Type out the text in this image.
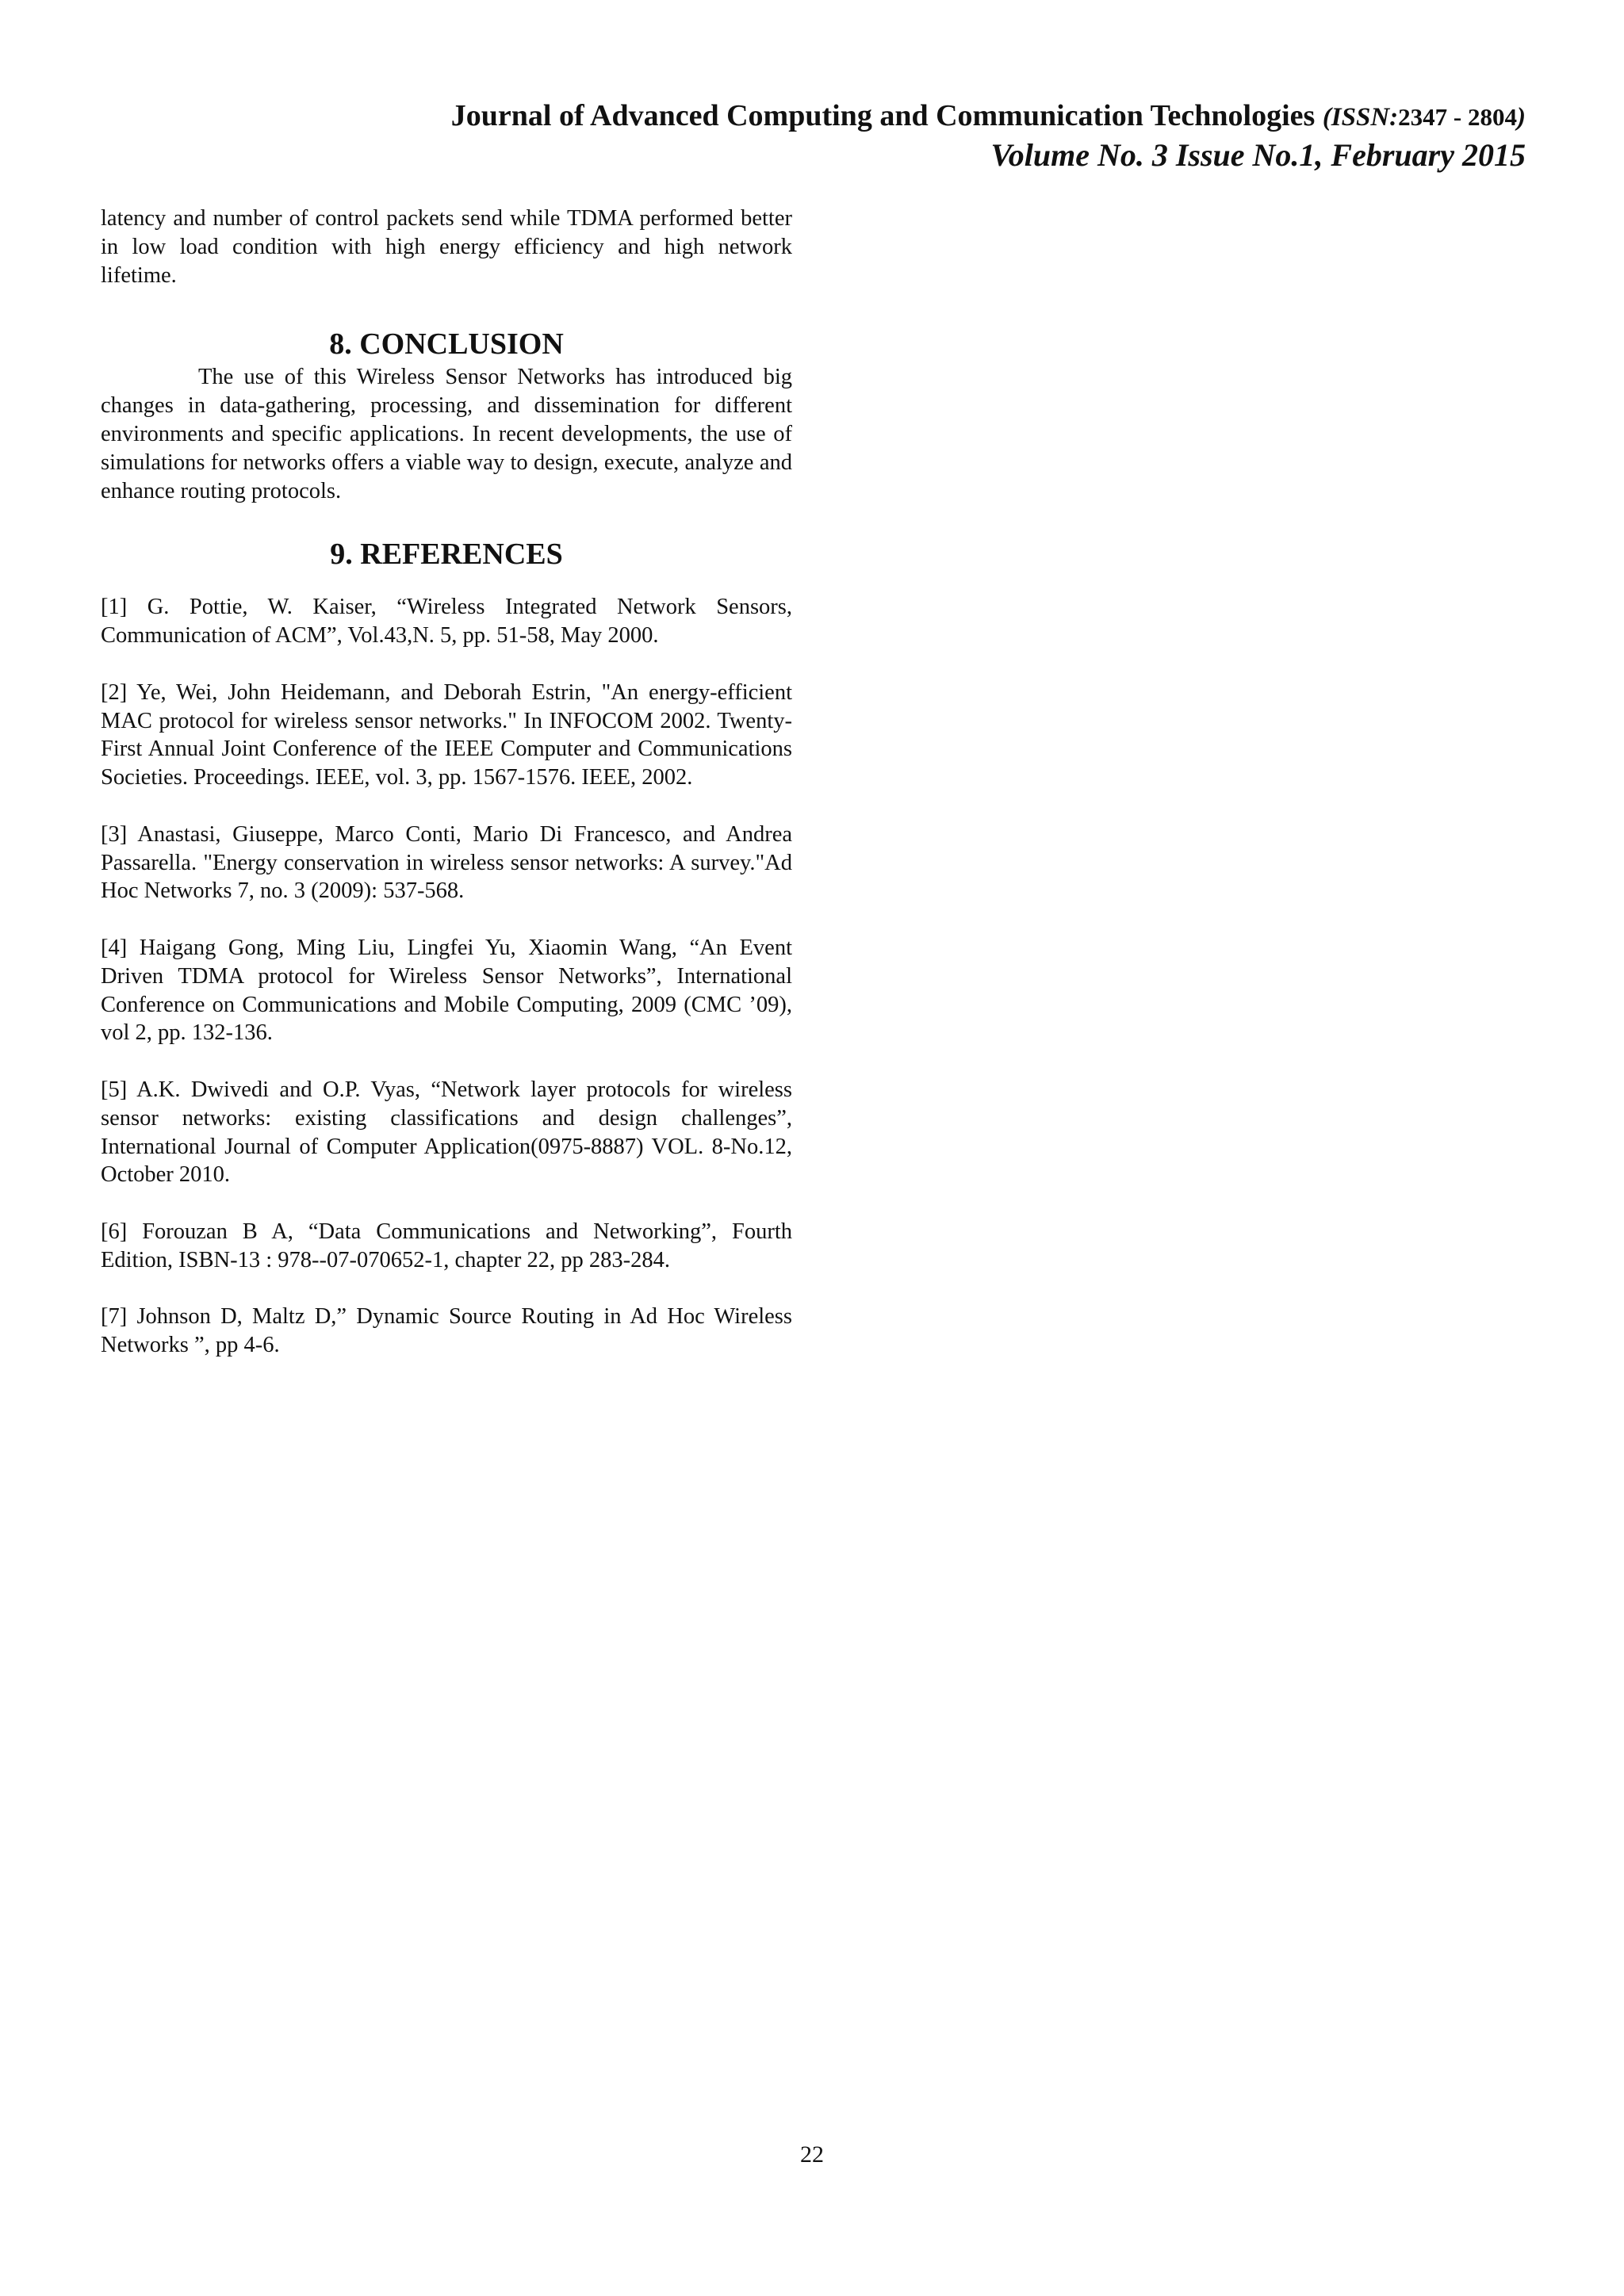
Journal of Advanced Computing and Communication Technologies (ISSN:2347 - 2804)
Volume No. 3 Issue No.1, February 2015

latency and number of control packets send while TDMA performed better in low load condition with high energy efficiency and high network lifetime.

8. CONCLUSION

The use of this Wireless Sensor Networks has introduced big changes in data-gathering, processing, and dissemination for different environments and specific applications. In recent developments, the use of simulations for networks offers a viable way to design, execute, analyze and enhance routing protocols.

9. REFERENCES

[1] G. Pottie, W. Kaiser, “Wireless Integrated Network Sensors, Communication of ACM”, Vol.43,N. 5, pp. 51-58, May 2000.

[2] Ye, Wei, John Heidemann, and Deborah Estrin, "An energy-efficient MAC protocol for wireless sensor networks." In INFOCOM 2002. Twenty-First Annual Joint Conference of the IEEE Computer and Communications Societies. Proceedings. IEEE, vol. 3, pp. 1567-1576. IEEE, 2002.

[3] Anastasi, Giuseppe, Marco Conti, Mario Di Francesco, and Andrea Passarella. "Energy conservation in wireless sensor networks: A survey."Ad Hoc Networks 7, no. 3 (2009): 537-568.

[4] Haigang Gong, Ming Liu, Lingfei Yu, Xiaomin Wang, “An Event Driven TDMA protocol for Wireless Sensor Networks”, International Conference on Communications and Mobile Computing, 2009 (CMC ’09), vol 2, pp. 132-136.

[5] A.K. Dwivedi and O.P. Vyas, “Network layer protocols for wireless sensor networks: existing classifications and design challenges”, International Journal of Computer Application(0975-8887) VOL. 8-No.12, October 2010.

[6] Forouzan B A, “Data Communications and Networking”, Fourth Edition, ISBN-13 : 978--07-070652-1, chapter 22, pp 283-284.

[7] Johnson D, Maltz D,” Dynamic Source Routing in Ad Hoc Wireless Networks ”, pp 4-6.

22
